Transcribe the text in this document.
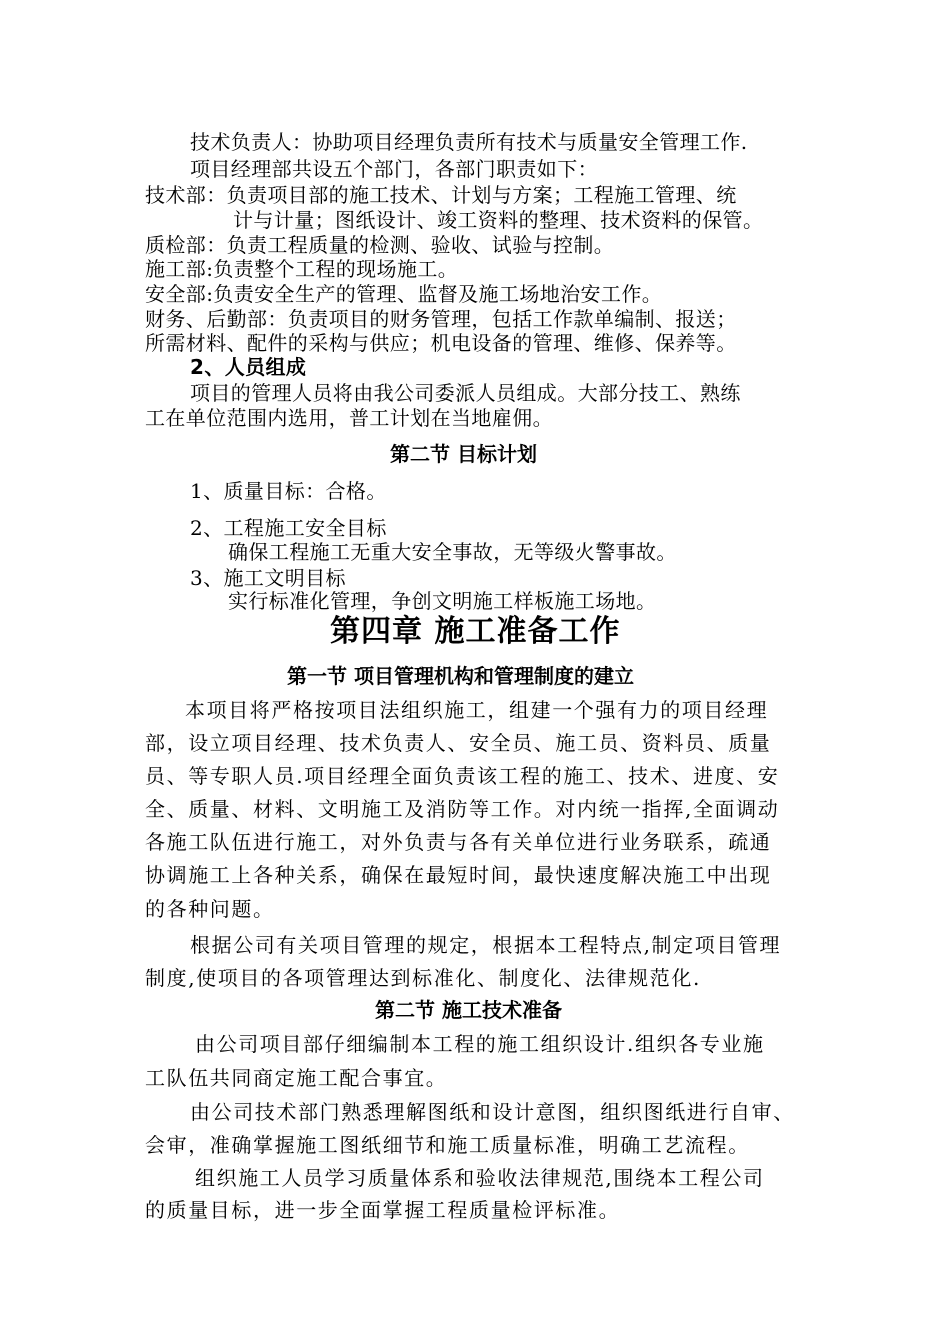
技术负责人：协助项目经理负责所有技术与质量安全管理工作.
项目经理部共设五个部门，各部门职责如下：
技术部：负责项目部的施工技术、计划与方案；工程施工管理、统
计与计量；图纸设计、竣工资料的整理、技术资料的保管。
质检部：负责工程质量的检测、验收、试验与控制。
施工部:负责整个工程的现场施工。
安全部:负责安全生产的管理、监督及施工场地治安工作。
财务、后勤部：负责项目的财务管理，包括工作款单编制、报送；
所需材料、配件的采构与供应；机电设备的管理、维修、保养等。
2、人员组成
项目的管理人员将由我公司委派人员组成。大部分技工、熟练
工在单位范围内选用，普工计划在当地雇佣。
第二节 目标计划
1、质量目标：合格。
2、工程施工安全目标
确保工程施工无重大安全事故，无等级火警事故。
3、施工文明目标
实行标准化管理，争创文明施工样板施工场地。
第四章 施工准备工作
第一节 项目管理机构和管理制度的建立
本项目将严格按项目法组织施工，组建一个强有力的项目经理
部，设立项目经理、技术负责人、安全员、施工员、资料员、质量
员、等专职人员.项目经理全面负责该工程的施工、技术、进度、安
全、质量、材料、文明施工及消防等工作。对内统一指挥,全面调动
各施工队伍进行施工，对外负责与各有关单位进行业务联系，疏通
协调施工上各种关系，确保在最短时间，最快速度解决施工中出现
的各种问题。
根据公司有关项目管理的规定，根据本工程特点,制定项目管理
制度,使项目的各项管理达到标准化、制度化、法律规范化.
第二节 施工技术准备
由公司项目部仔细编制本工程的施工组织设计.组织各专业施
工队伍共同商定施工配合事宜。
由公司技术部门熟悉理解图纸和设计意图，组织图纸进行自审、
会审，准确掌握施工图纸细节和施工质量标准，明确工艺流程。
组织施工人员学习质量体系和验收法律规范,围绕本工程公司
的质量目标，进一步全面掌握工程质量检评标准。
